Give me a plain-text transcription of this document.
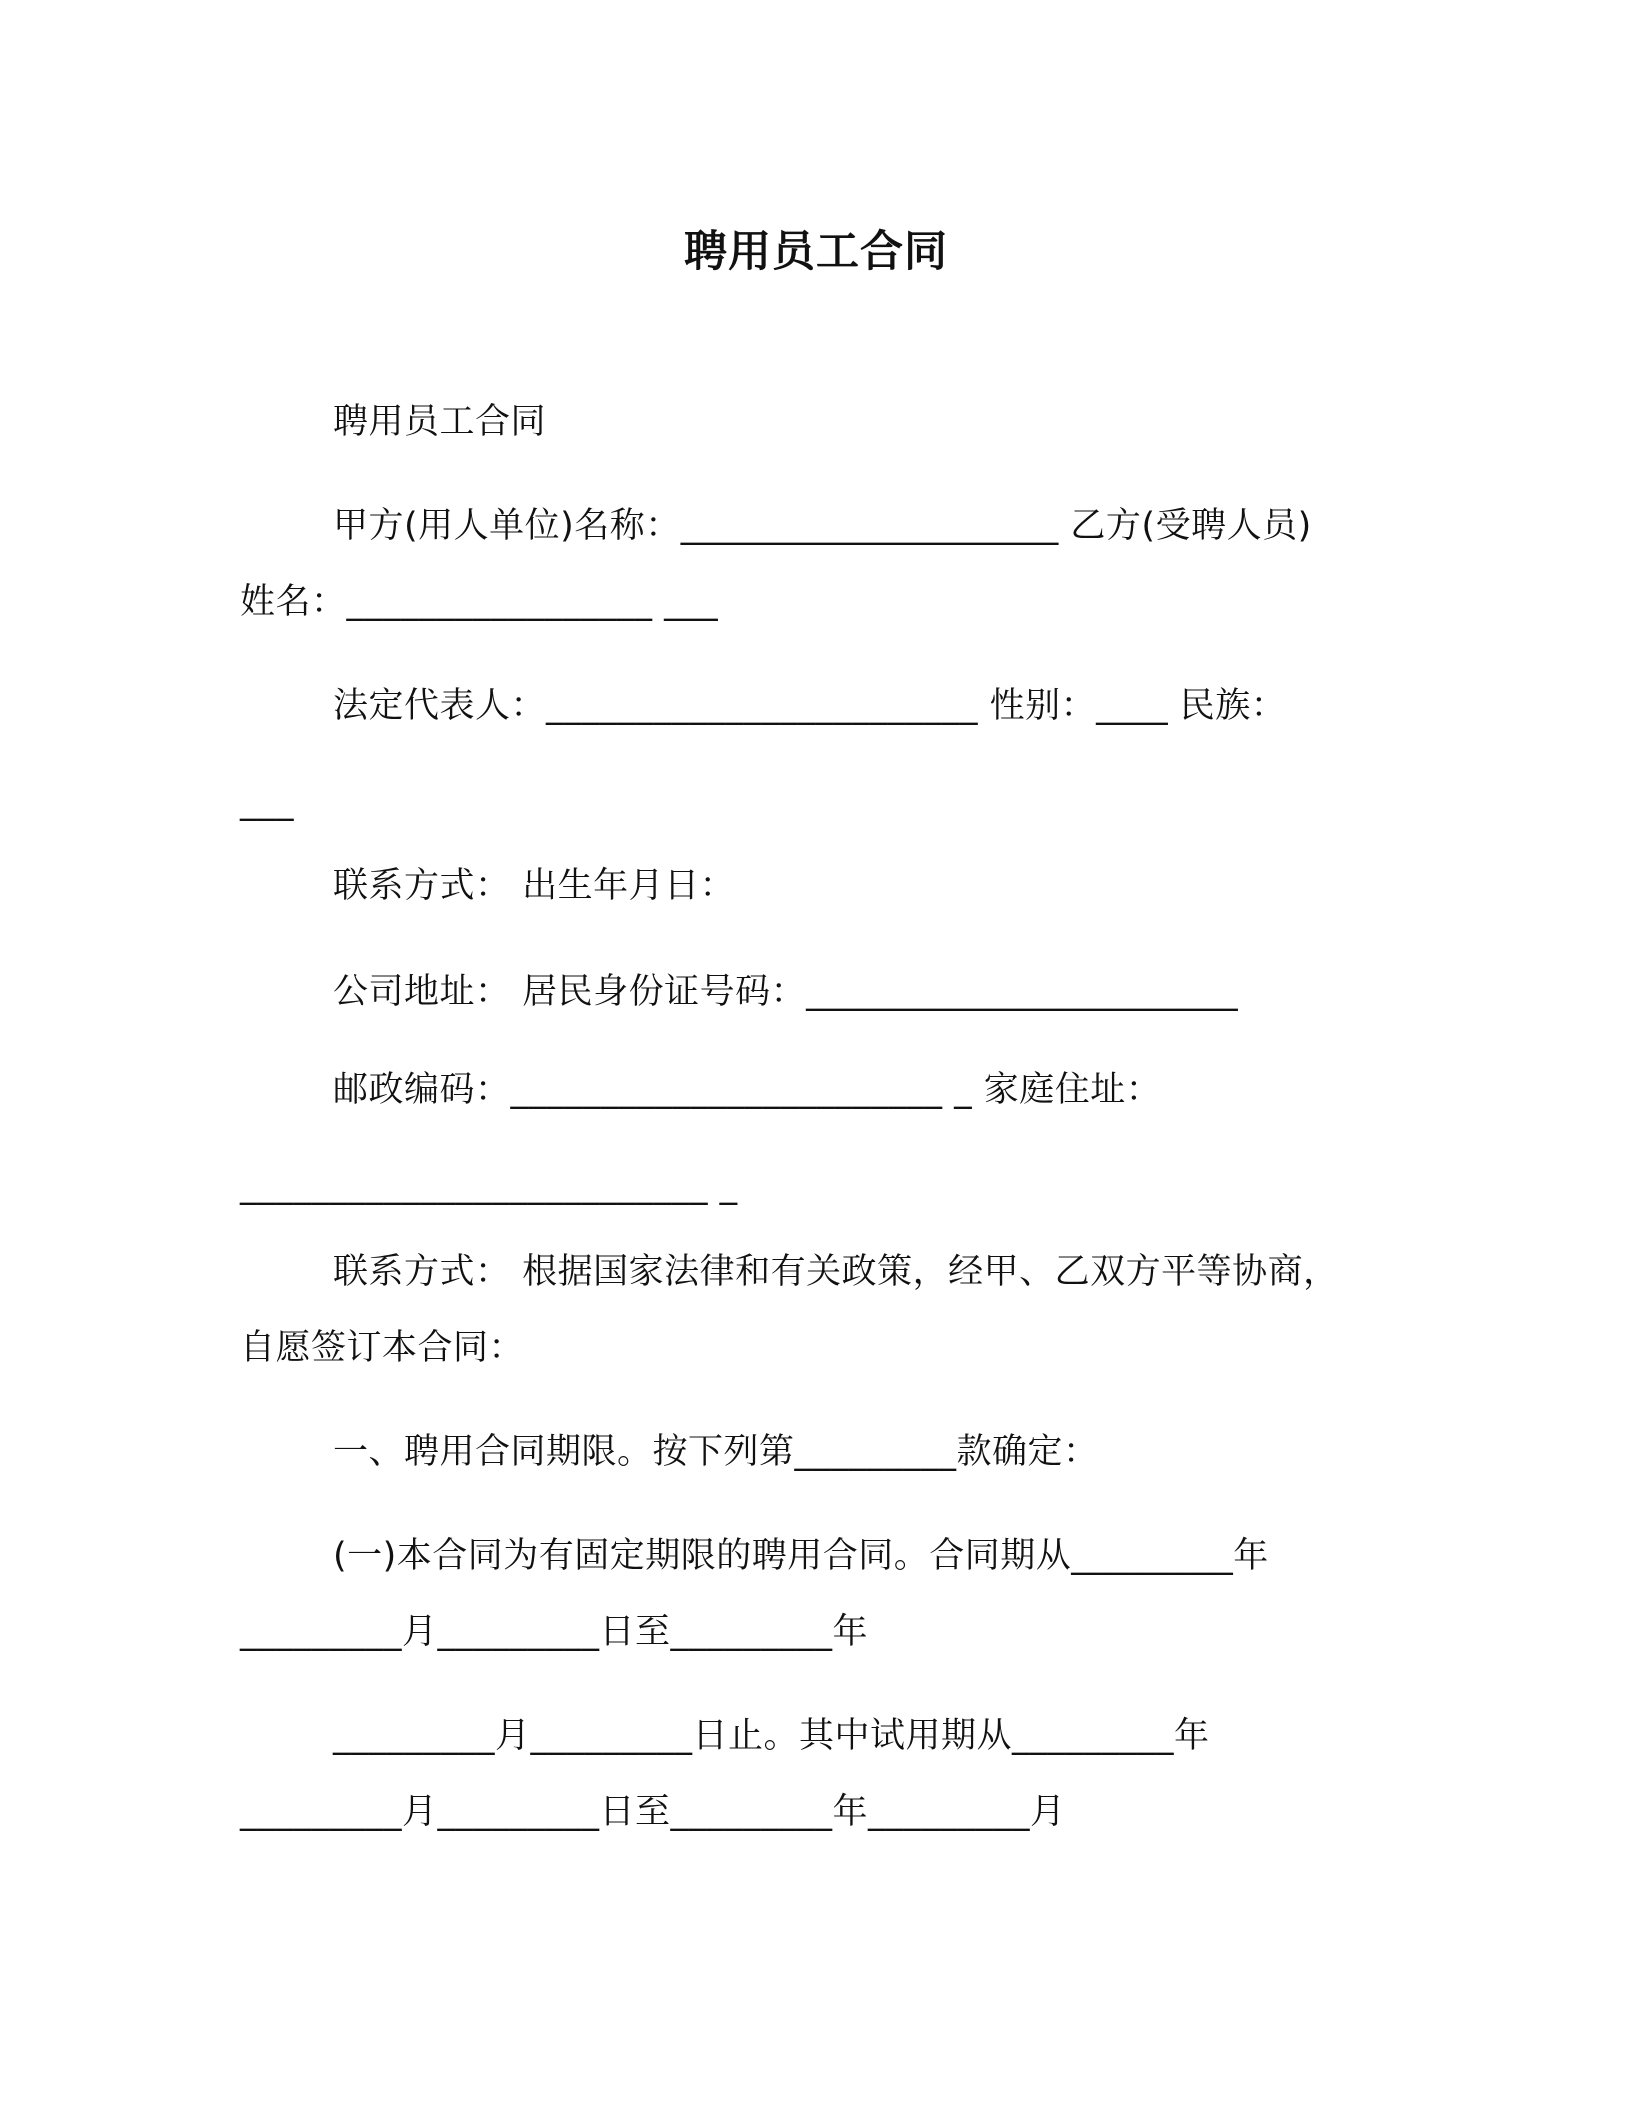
聘用员工合同
聘用员工合同
甲方(用人单位)名称：_____________________ 乙方(受聘人员)
姓名：_________________ ___
法定代表人：________________________ 性别：____ 民族：
___
联系方式： 出生年月日：
公司地址： 居民身份证号码：________________________
邮政编码：________________________ _ 家庭住址：
__________________________ _
联系方式： 根据国家法律和有关政策，经甲、乙双方平等协商，
自愿签订本合同：
一、聘用合同期限。按下列第_________款确定：
(一)本合同为有固定期限的聘用合同。合同期从_________年
_________月_________日至_________年
_________月_________日止。其中试用期从_________年
_________月_________日至_________年_________月
